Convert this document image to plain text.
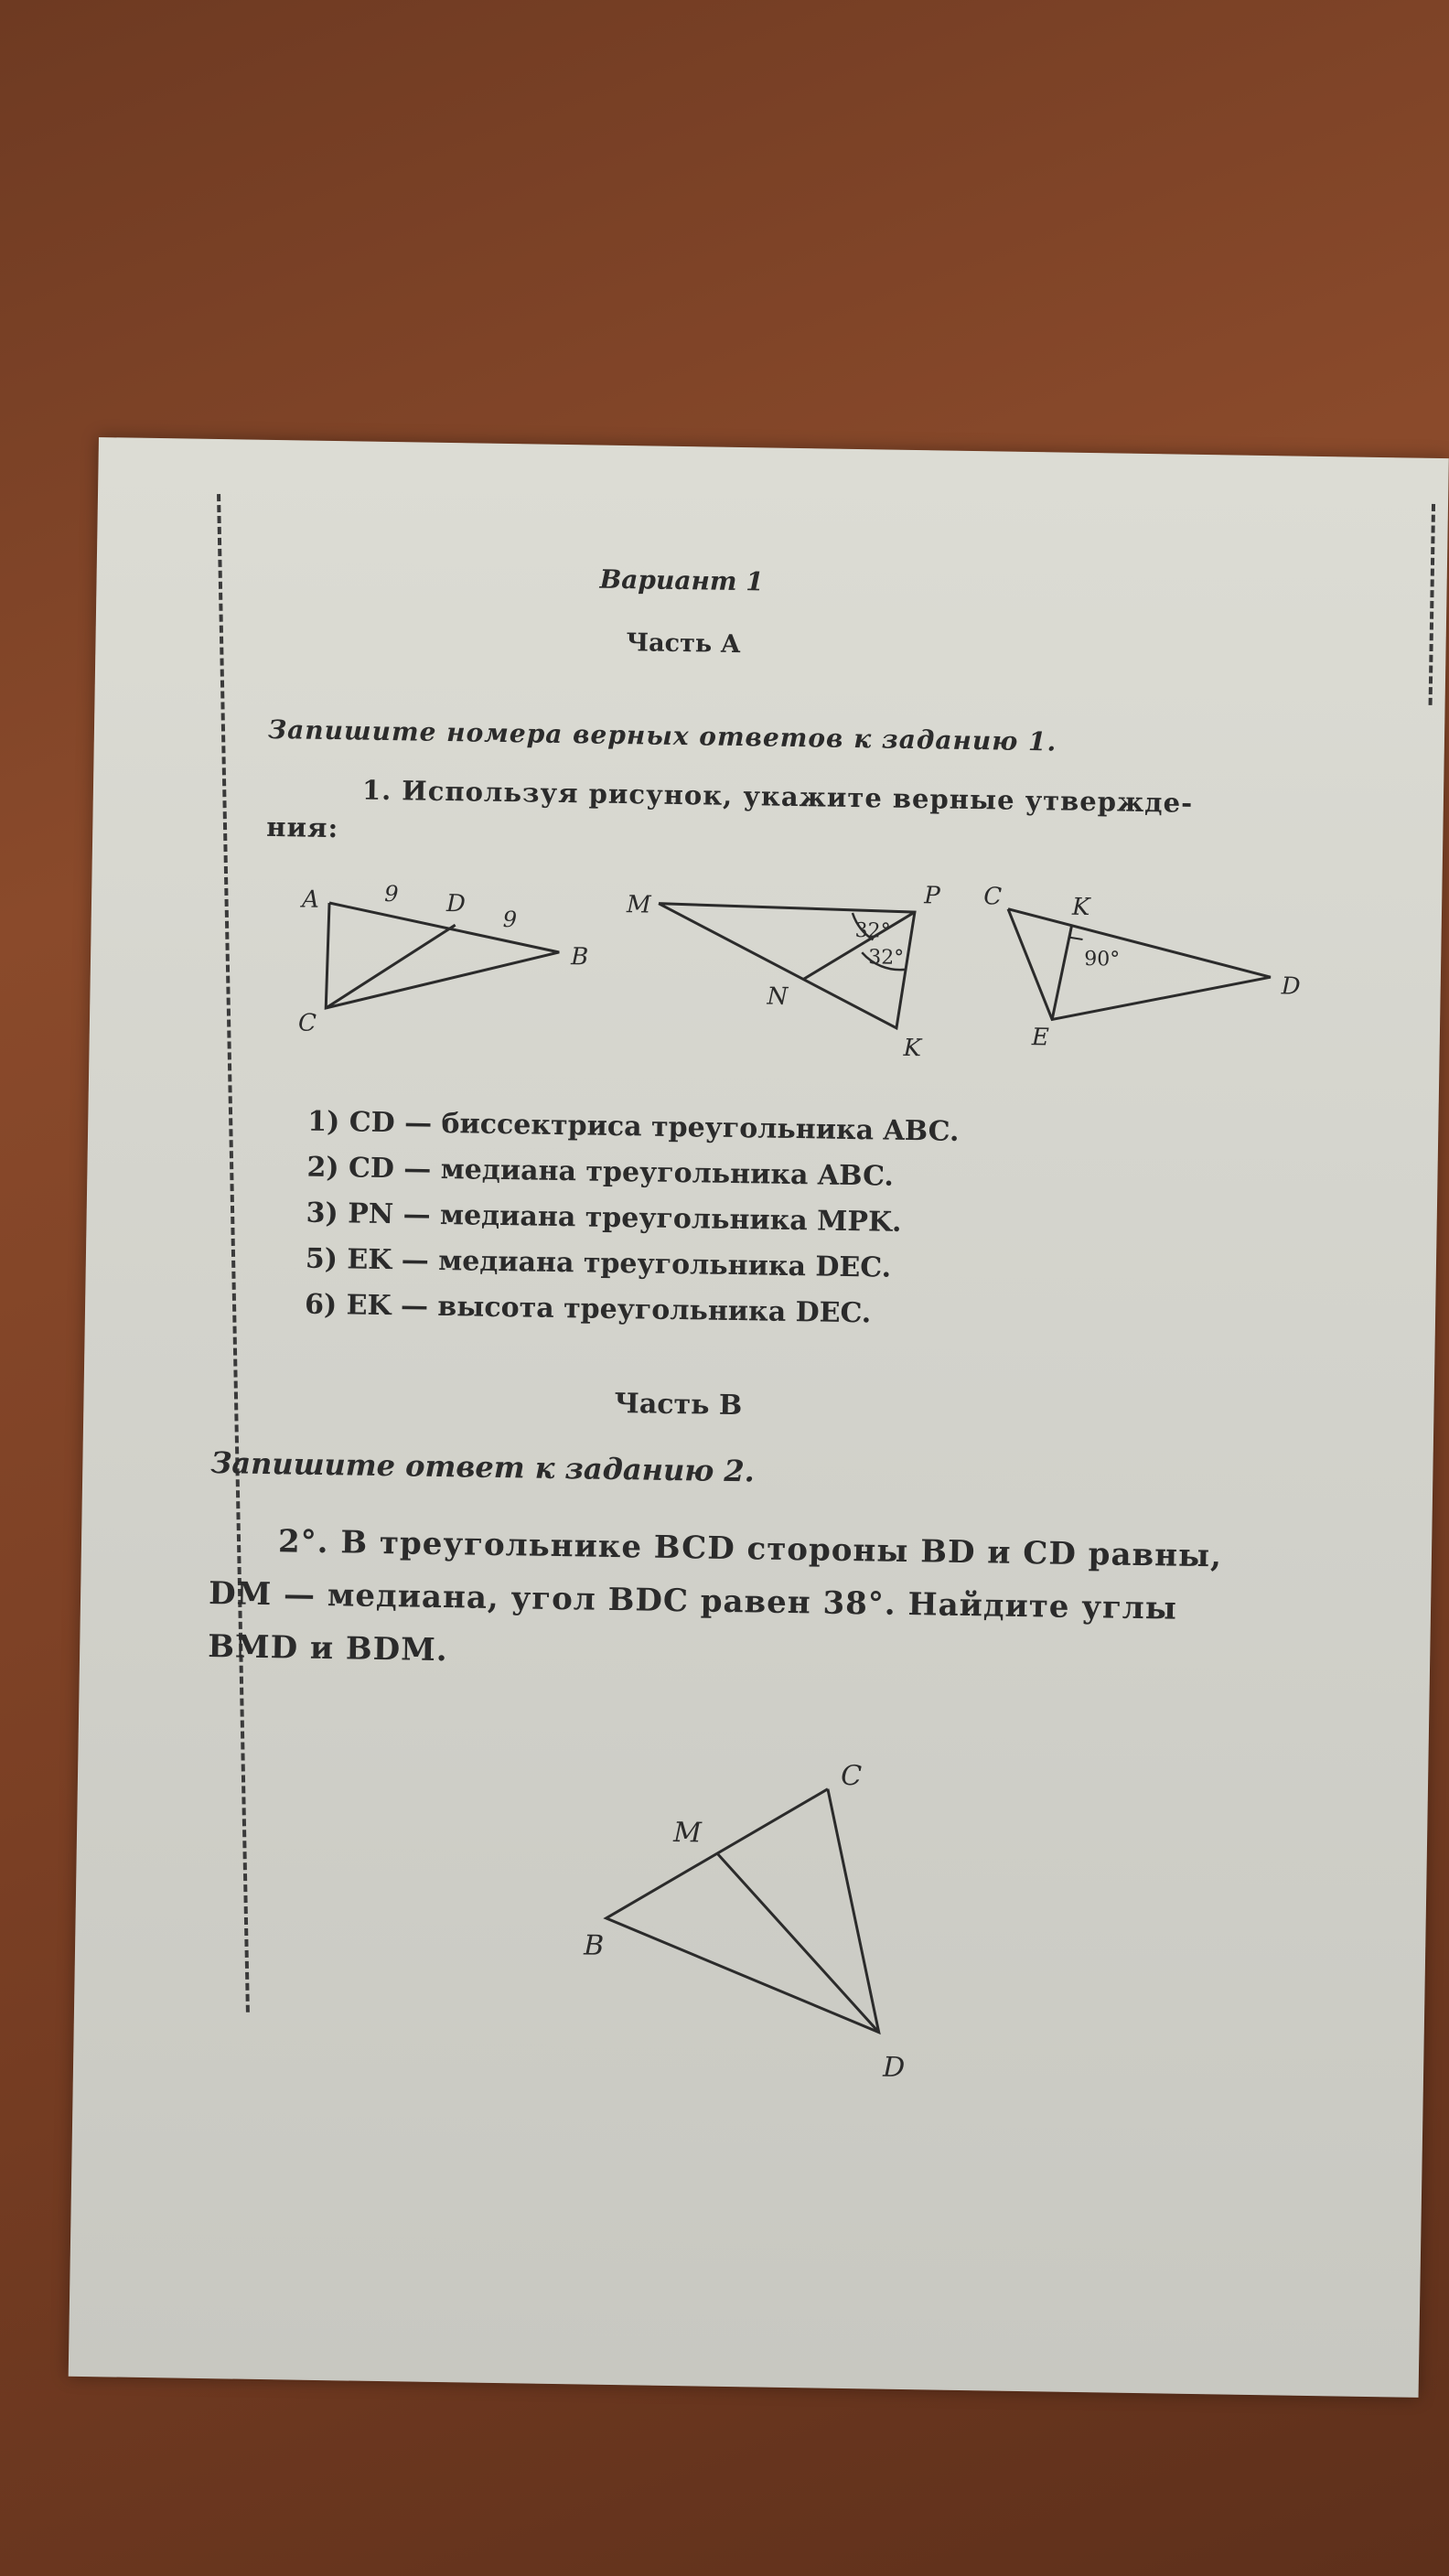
Вариант 1
Часть А
Запишите номера верных ответов к заданию 1.
1. Используя рисунок, укажите верные утвержде-
ния:
A	9 D
9
B
C
M	P
32°
32°
N
K
C	K
90°
D
E
1) CD — биссектриса треугольника ABC.
2) CD — медиана треугольника ABC.
3) PN — медиана треугольника MPK.
5) EK — медиана треугольника DEC.
6) EK — высота треугольника DEC.
Часть В
Запишите ответ к заданию 2.
2°. В треугольнике BCD стороны BD и CD равны,
DM — медиана, угол BDC равен 38°. Найдите углы
BMD и BDM.
C
M
B
D
